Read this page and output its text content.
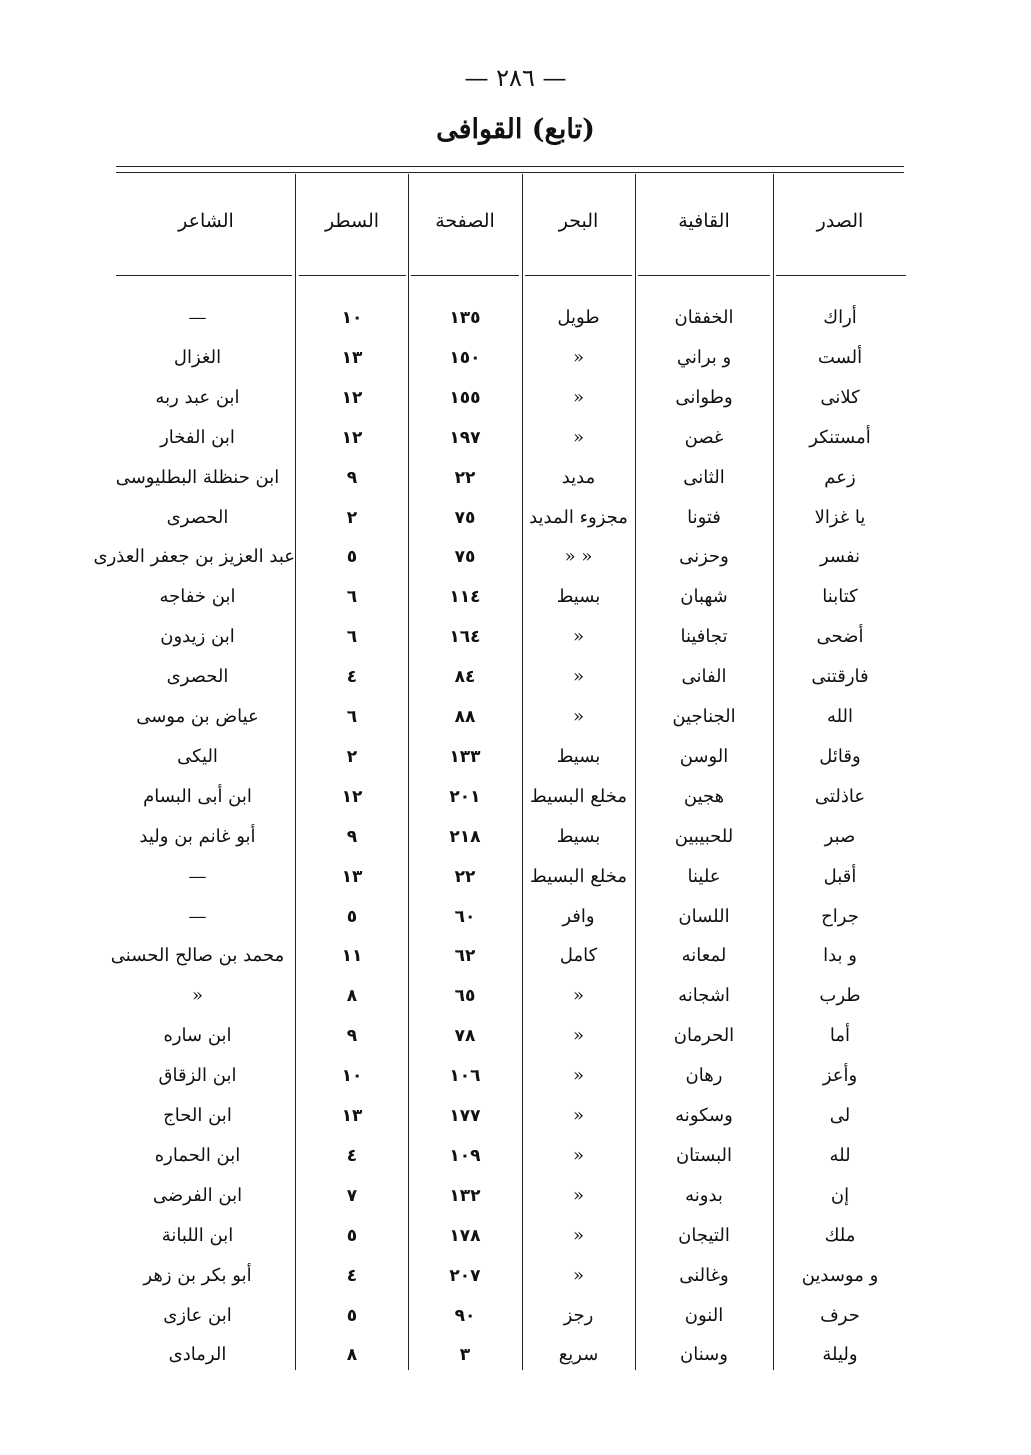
— ٢٨٦ —
(تابع) القوافى
الصدر
القافية
البحر
الصفحة
السطر
الشاعر
أراك
الخفقان
طويل
١٣٥
١٠
—
ألست
و براني
«
١٥٠
١٣
الغزال
كلانى
وطوانى
«
١٥٥
١٢
ابن عبد ربه
أمستنكر
غصن
«
١٩٧
١٢
ابن الفخار
زعم
الثانى
مديد
٢٢
٩
ابن حنظلة البطليوسى
يا غزالا
فتونا
مجزوء المديد
٧٥
٢
الحصرى
نفسر
وحزنى
« «
٧٥
٥
عبد العزيز بن جعفر العذرى
كتابنا
شهبان
بسيط
١١٤
٦
ابن خفاجه
أضحى
تجافينا
«
١٦٤
٦
ابن زيدون
فارقتنى
الفانى
«
٨٤
٤
الحصرى
الله
الجناجين
«
٨٨
٦
عياض بن موسى
وقائل
الوسن
بسيط
١٣٣
٢
اليكى
عاذلتى
هجين
مخلع البسيط
٢٠١
١٢
ابن أبى البسام
صبر
للحبيبين
بسيط
٢١٨
٩
أبو غانم بن وليد
أقبل
علينا
مخلع البسيط
٢٢
١٣
—
جراح
اللسان
وافر
٦٠
٥
—
و بدا
لمعانه
كامل
٦٢
١١
محمد بن صالح الحسنى
طرب
اشجانه
«
٦٥
٨
«
أما
الحرمان
«
٧٨
٩
ابن ساره
وأعز
رهان
«
١٠٦
١٠
ابن الزقاق
لى
وسكونه
«
١٧٧
١٣
ابن الحاج
لله
البستان
«
١٠٩
٤
ابن الحماره
إن
بدونه
«
١٣٢
٧
ابن الفرضى
ملك
التيجان
«
١٧٨
٥
ابن اللبانة
و موسدين
وغالنى
«
٢٠٧
٤
أبو بكر بن زهر
حرف
النون
رجز
٩٠
٥
ابن عازى
وليلة
وسنان
سريع
٣
٨
الرمادى
